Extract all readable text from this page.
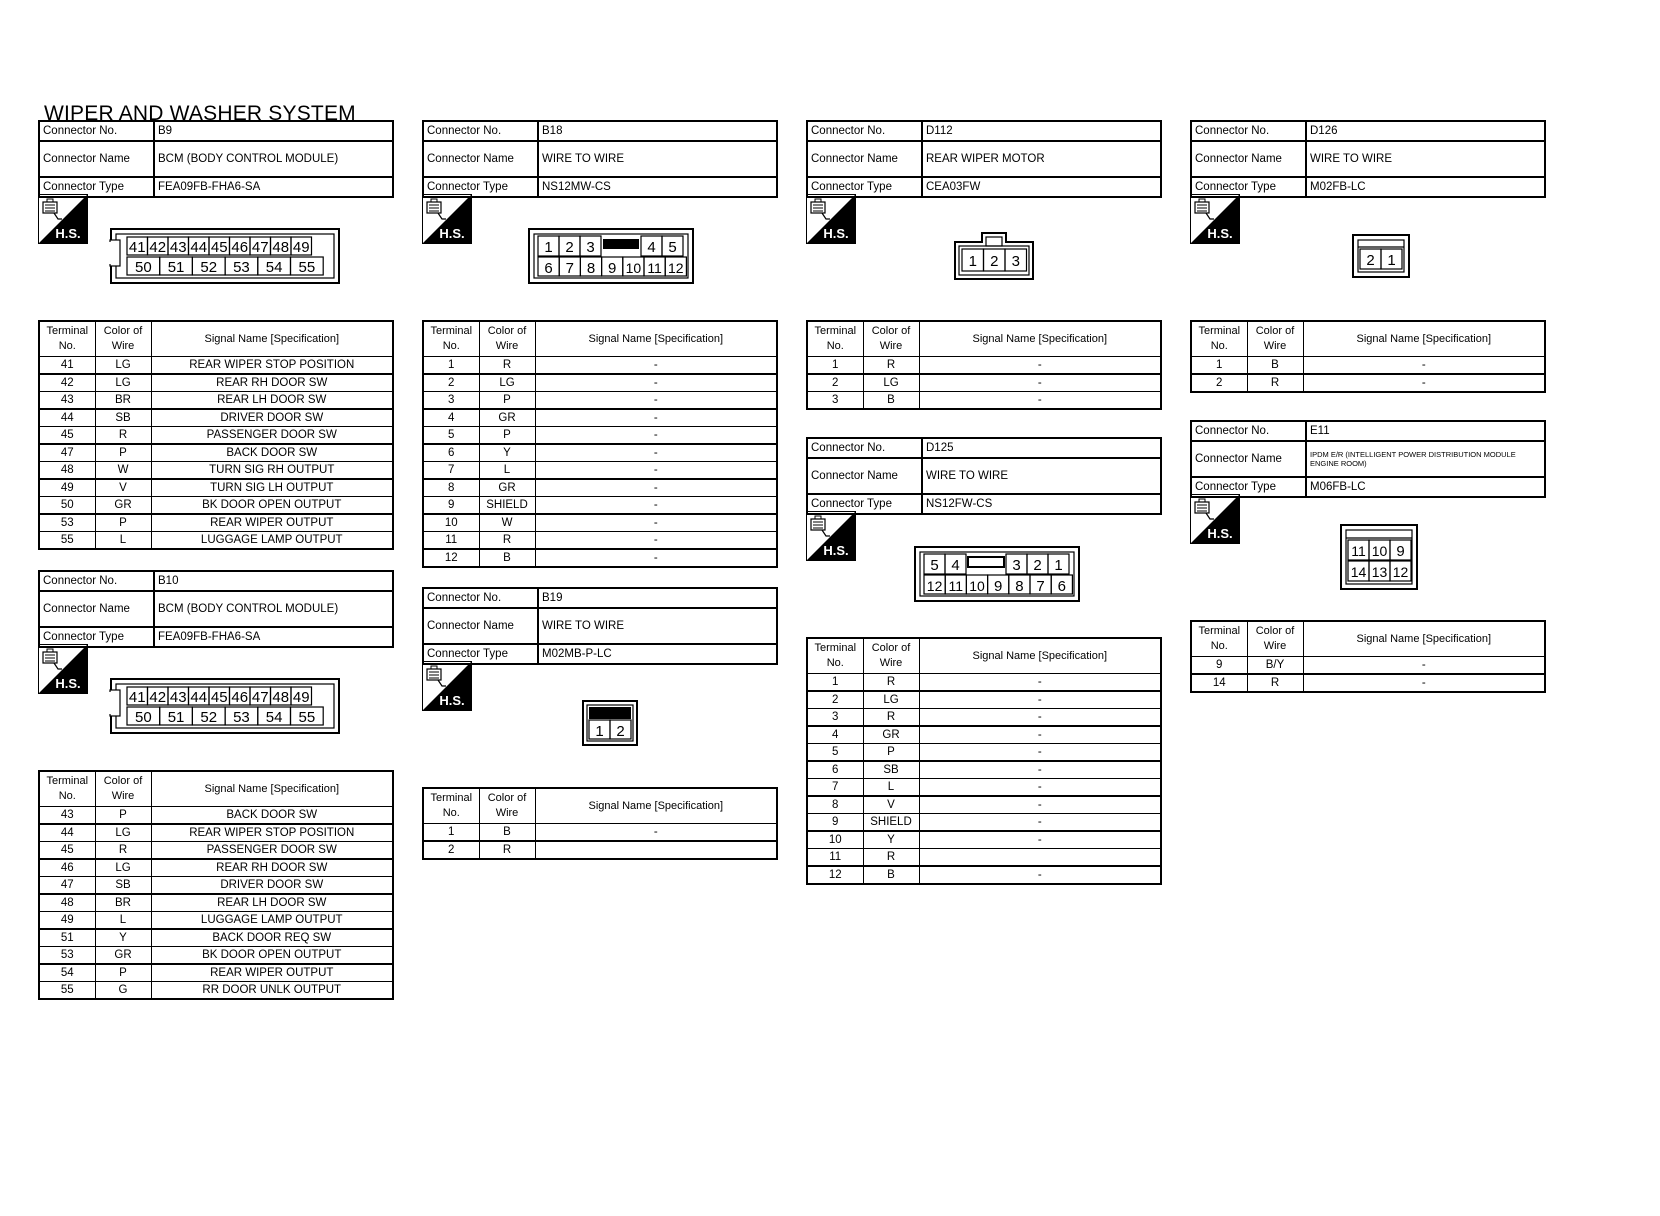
WIPER AND WASHER SYSTEM
Connector No.	B9
Connector Name	BCM (BODY CONTROL MODULE)
Connector Type	FEA09FB-FHA6-SA
H.S.
41 42 43 44 45 46 47 48 49
50 51 52 53 54 55
Terminal No.	Color of Wire	Signal Name [Specification]
41	LG	REAR WIPER STOP POSITION
42	LG	REAR RH DOOR SW
43	BR	REAR LH DOOR SW
44	SB	DRIVER DOOR SW
45	R	PASSENGER DOOR SW
47	P	BACK DOOR SW
48	W	TURN SIG RH OUTPUT
49	V	TURN SIG LH OUTPUT
50	GR	BK DOOR OPEN OUTPUT
53	P	REAR WIPER OUTPUT
55	L	LUGGAGE LAMP OUTPUT
Connector No.	B10
Connector Name	BCM (BODY CONTROL MODULE)
Connector Type	FEA09FB-FHA6-SA
H.S.
41 42 43 44 45 46 47 48 49
50 51 52 53 54 55
Terminal No.	Color of Wire	Signal Name [Specification]
43	P	BACK DOOR SW
44	LG	REAR WIPER STOP POSITION
45	R	PASSENGER DOOR SW
46	LG	REAR RH DOOR SW
47	SB	DRIVER DOOR SW
48	BR	REAR LH DOOR SW
49	L	LUGGAGE LAMP OUTPUT
51	Y	BACK DOOR REQ SW
53	GR	BK DOOR OPEN OUTPUT
54	P	REAR WIPER OUTPUT
55	G	RR DOOR UNLK OUTPUT
Connector No.	B18
Connector Name	WIRE TO WIRE
Connector Type	NS12MW-CS
H.S.
1 2 3	4 5
6 7 8 9 10 11 12
Terminal No.	Color of Wire	Signal Name [Specification]
1	R	-
2	LG	-
3	P	-
4	GR	-
5	P	-
6	Y	-
7	L	-
8	GR	-
9	SHIELD	-
10	W	-
11	R	-
12	B	-
Connector No.	B19
Connector Name	WIRE TO WIRE
Connector Type	M02MB-P-LC
H.S.
1 2
Terminal No.	Color of Wire	Signal Name [Specification]
1	B	-
2	R	
Connector No.	D112
Connector Name	REAR WIPER MOTOR
Connector Type	CEA03FW
H.S.
1 2 3
Terminal No.	Color of Wire	Signal Name [Specification]
1	R	-
2	LG	-
3	B	-
Connector No.	D125
Connector Name	WIRE TO WIRE
Connector Type	NS12FW-CS
H.S.
5 4	3 2 1
12 11 10 9 8 7 6
Terminal No.	Color of Wire	Signal Name [Specification]
1	R	-
2	LG	-
3	R	-
4	GR	-
5	P	-
6	SB	-
7	L	-
8	V	-
9	SHIELD	-
10	Y	-
11	R	
12	B	-
Connector No.	D126
Connector Name	WIRE TO WIRE
Connector Type	M02FB-LC
H.S.
2 1
Terminal No.	Color of Wire	Signal Name [Specification]
1	B	-
2	R	-
Connector No.	E11
Connector Name	IPDM E/R (INTELLIGENT POWER DISTRIBUTION MODULE ENGINE ROOM)
Connector Type	M06FB-LC
H.S.
11 10 9
14 13 12
Terminal No.	Color of Wire	Signal Name [Specification]
9	B/Y	-
14	R	-
